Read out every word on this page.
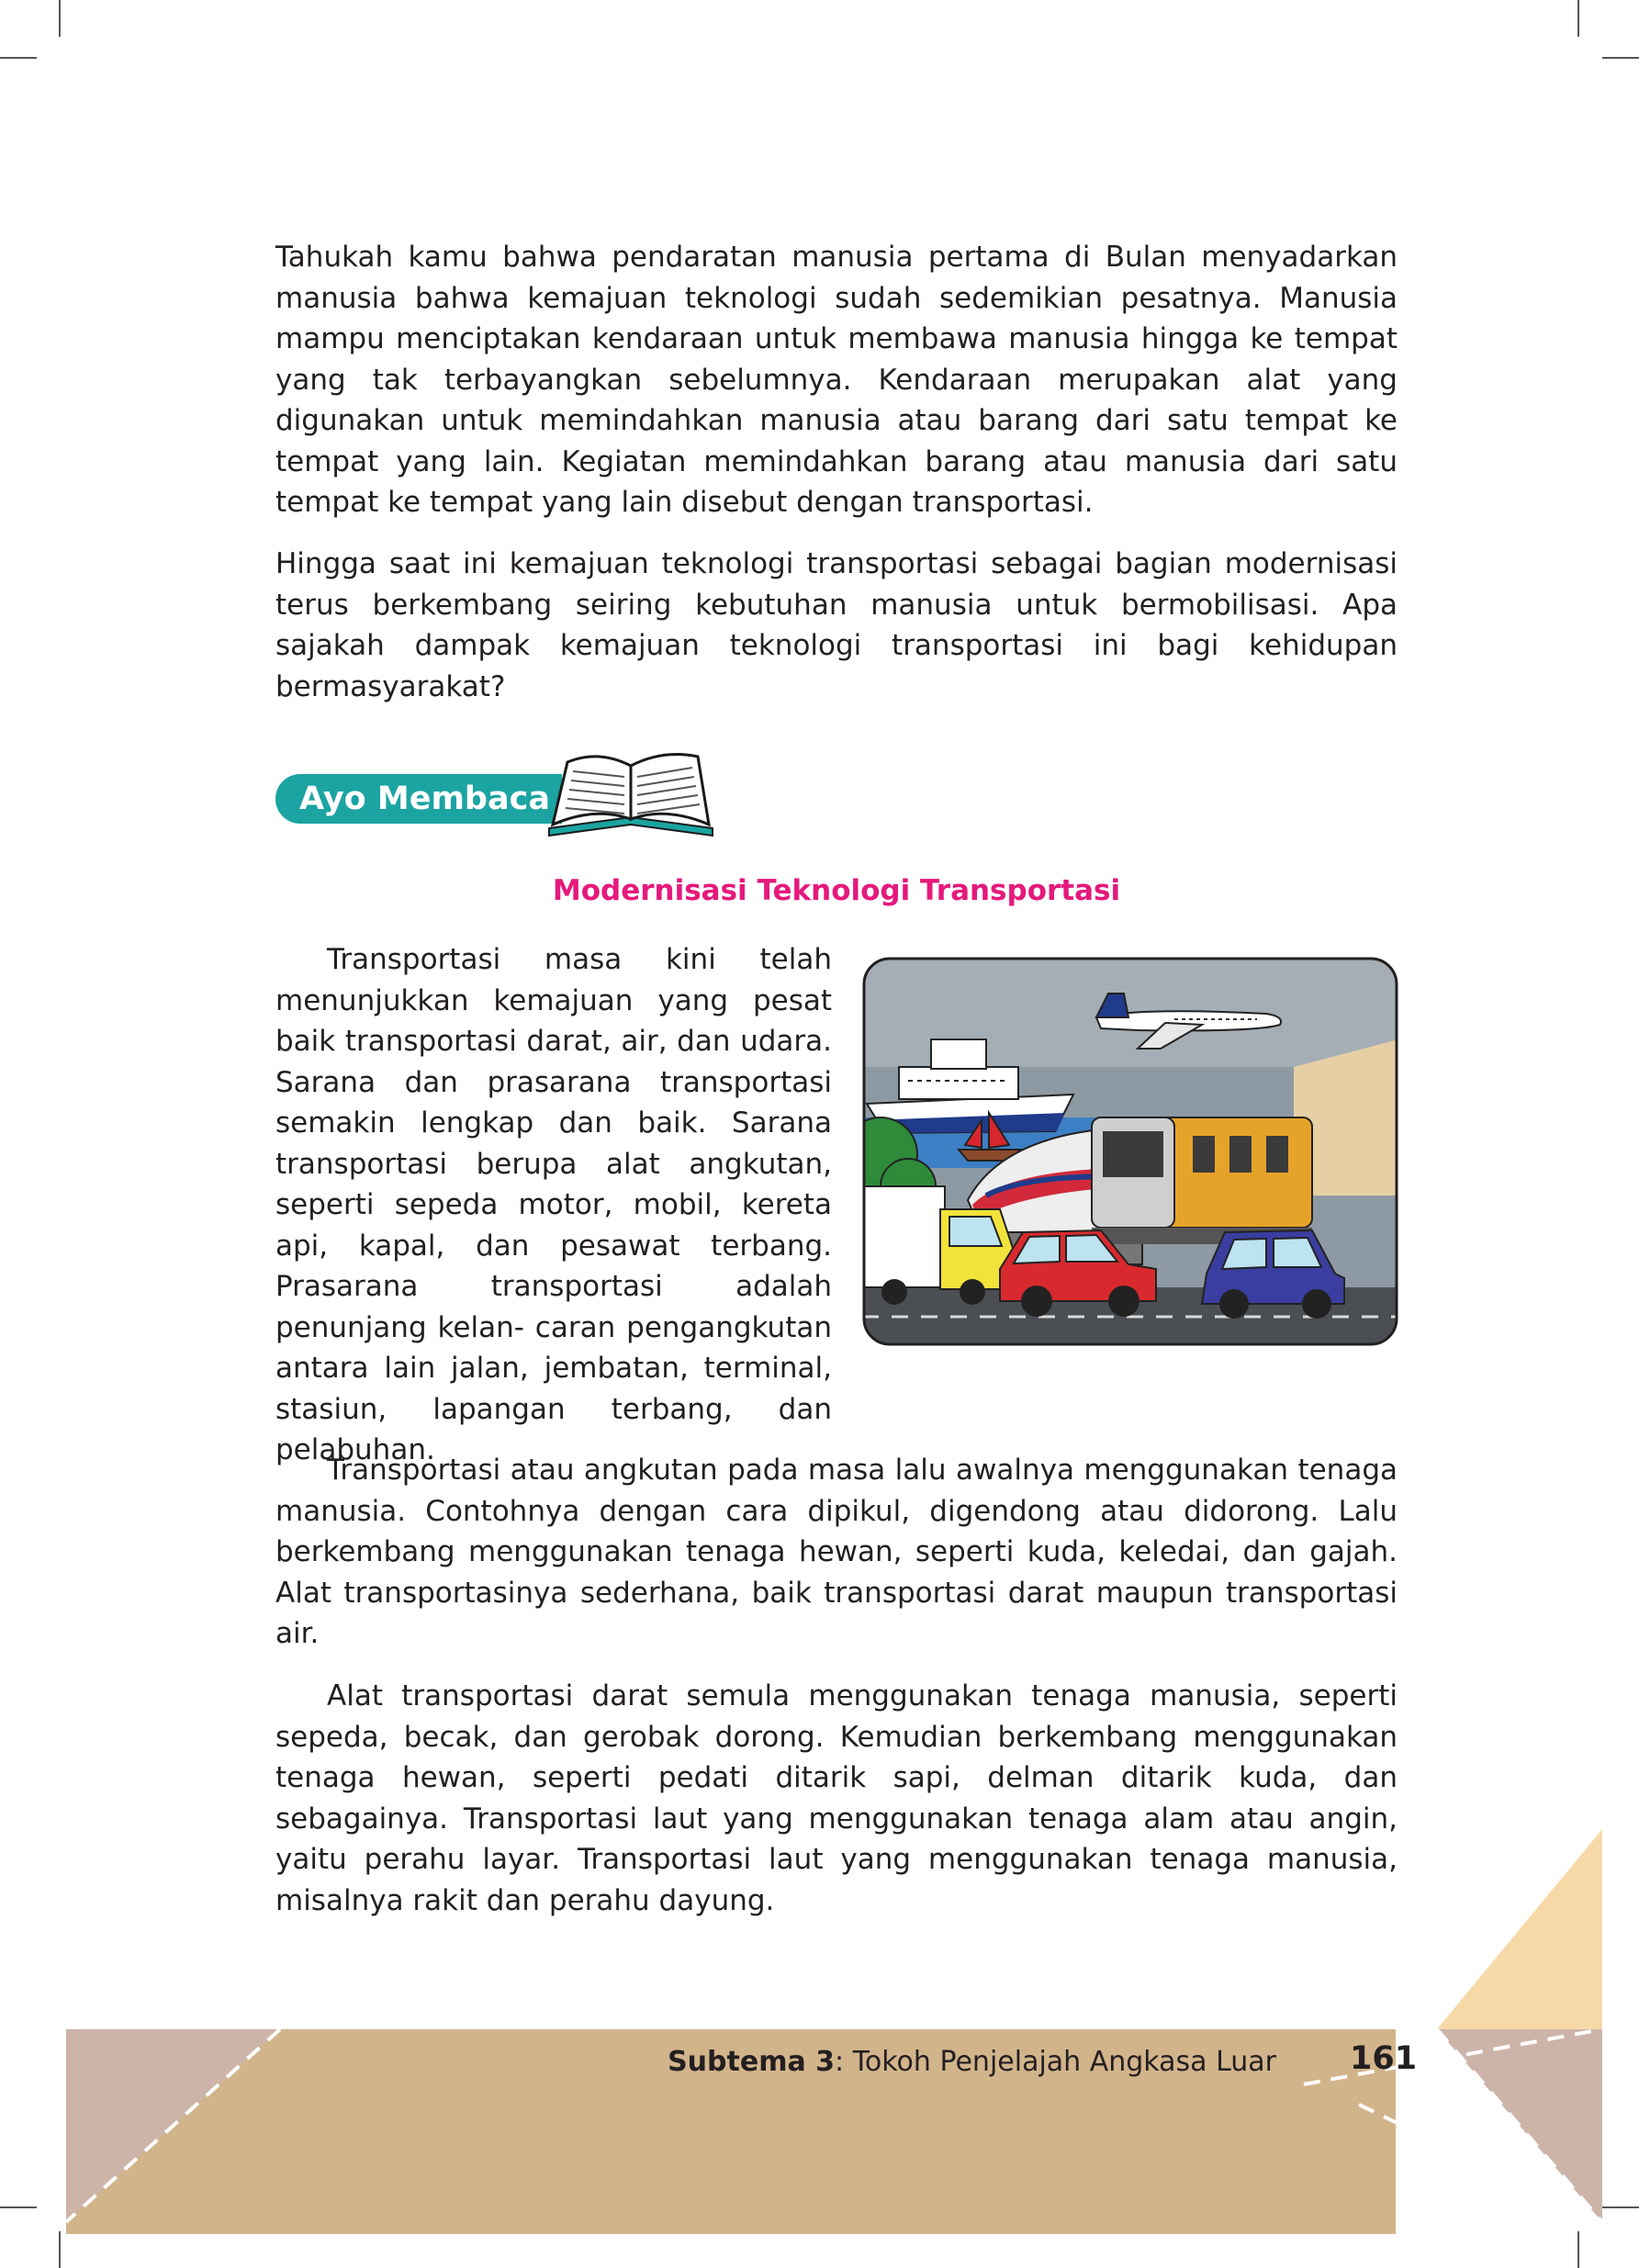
Tahukah kamu bahwa pendaratan manusia pertama di Bulan menyadarkan manusia bahwa kemajuan teknologi sudah sedemikian pesatnya. Manusia mampu menciptakan kendaraan untuk membawa manusia hingga ke tempat yang tak terbayangkan sebelumnya. Kendaraan merupakan alat yang digunakan untuk memindahkan manusia atau barang dari satu tempat ke tempat yang lain. Kegiatan memindahkan barang atau manusia dari satu tempat ke tempat yang lain disebut dengan transportasi.

Hingga saat ini kemajuan teknologi transportasi sebagai bagian modernisasi terus berkembang seiring kebutuhan manusia untuk bermobilisasi. Apa sajakah dampak kemajuan teknologi transportasi ini bagi kehidupan bermasyarakat?

Ayo Membaca

Modernisasi Teknologi Transportasi

Transportasi masa kini telah menunjukkan kemajuan yang pesat baik transportasi darat, air, dan udara. Sarana dan prasarana transportasi semakin lengkap dan baik. Sarana transportasi berupa alat angkutan, seperti sepeda motor, mobil, kereta api, kapal, dan pesawat terbang. Prasarana transportasi adalah penunjang kelan- caran pengangkutan antara lain jalan, jembatan, terminal, stasiun, lapangan terbang, dan pelabuhan.

Transportasi atau angkutan pada masa lalu awalnya menggunakan tenaga manusia. Contohnya dengan cara dipikul, digendong atau didorong. Lalu berkembang menggunakan tenaga hewan, seperti kuda, keledai, dan gajah. Alat transportasinya sederhana, baik transportasi darat maupun transportasi air.

Alat transportasi darat semula menggunakan tenaga manusia, seperti sepeda, becak, dan gerobak dorong. Kemudian berkembang menggunakan tenaga hewan, seperti pedati ditarik sapi, delman ditarik kuda, dan sebagainya. Transportasi laut yang menggunakan tenaga alam atau angin, yaitu perahu layar. Transportasi laut yang menggunakan tenaga manusia, misalnya rakit dan perahu dayung.

Subtema 3: Tokoh Penjelajah Angkasa Luar 161
